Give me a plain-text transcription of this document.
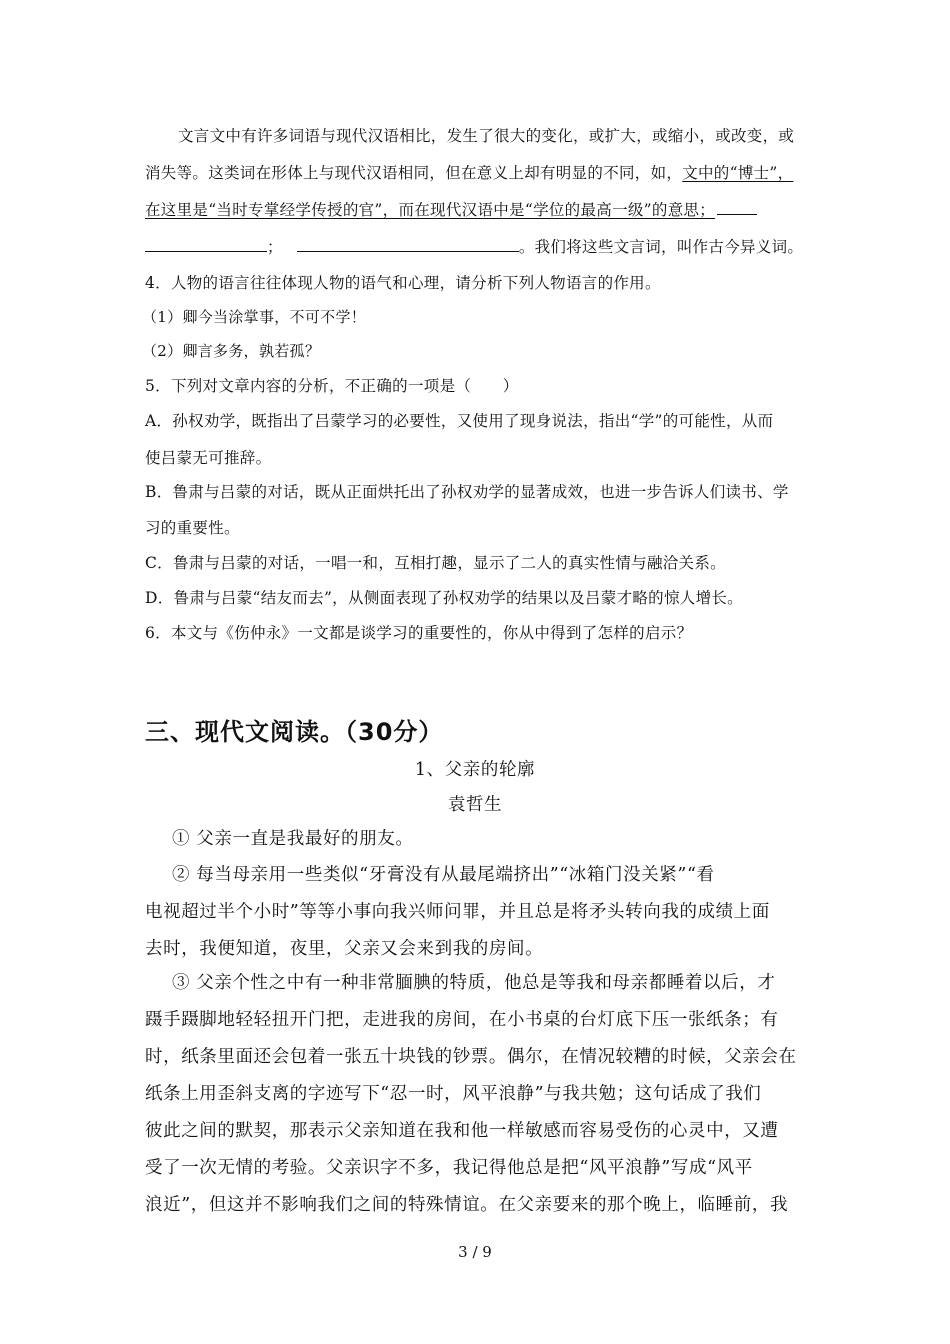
文言文中有许多词语与现代汉语相比，发生了很大的变化，或扩大，或缩小，或改变，或
消失等。这类词在形体上与现代汉语相同，但在意义上却有明显的不同，如，文中的“博士”，
在这里是“当时专掌经学传授的官”，而在现代汉语中是“学位的最高一级”的意思；
；	。我们将这些文言词，叫作古今异义词。
4．人物的语言往往体现人物的语气和心理，请分析下列人物语言的作用。
（1）卿今当涂掌事，不可不学！
（2）卿言多务，孰若孤？
5．下列对文章内容的分析，不正确的一项是（　　）
A．孙权劝学，既指出了吕蒙学习的必要性，又使用了现身说法，指出“学”的可能性，从而
使吕蒙无可推辞。
B．鲁肃与吕蒙的对话，既从正面烘托出了孙权劝学的显著成效，也进一步告诉人们读书、学
习的重要性。
C．鲁肃与吕蒙的对话，一唱一和，互相打趣，显示了二人的真实性情与融洽关系。
D．鲁肃与吕蒙“结友而去”，从侧面表现了孙权劝学的结果以及吕蒙才略的惊人增长。
6．本文与《伤仲永》一文都是谈学习的重要性的，你从中得到了怎样的启示？
三、现代文阅读。（30分）
1、父亲的轮廓
袁哲生
① 父亲一直是我最好的朋友。
② 每当母亲用一些类似“牙膏没有从最尾端挤出”“冰箱门没关紧”“看
电视超过半个小时”等等小事向我兴师问罪，并且总是将矛头转向我的成绩上面
去时，我便知道，夜里，父亲又会来到我的房间。
③ 父亲个性之中有一种非常腼腆的特质，他总是等我和母亲都睡着以后，才
蹑手蹑脚地轻轻扭开门把，走进我的房间，在小书桌的台灯底下压一张纸条；有
时，纸条里面还会包着一张五十块钱的钞票。偶尔，在情况较糟的时候，父亲会在
纸条上用歪斜支离的字迹写下“忍一时，风平浪静”与我共勉；这句话成了我们
彼此之间的默契，那表示父亲知道在我和他一样敏感而容易受伤的心灵中，又遭
受了一次无情的考验。父亲识字不多，我记得他总是把“风平浪静”写成“风平
浪近”，但这并不影响我们之间的特殊情谊。在父亲要来的那个晚上，临睡前，我
3 / 9
